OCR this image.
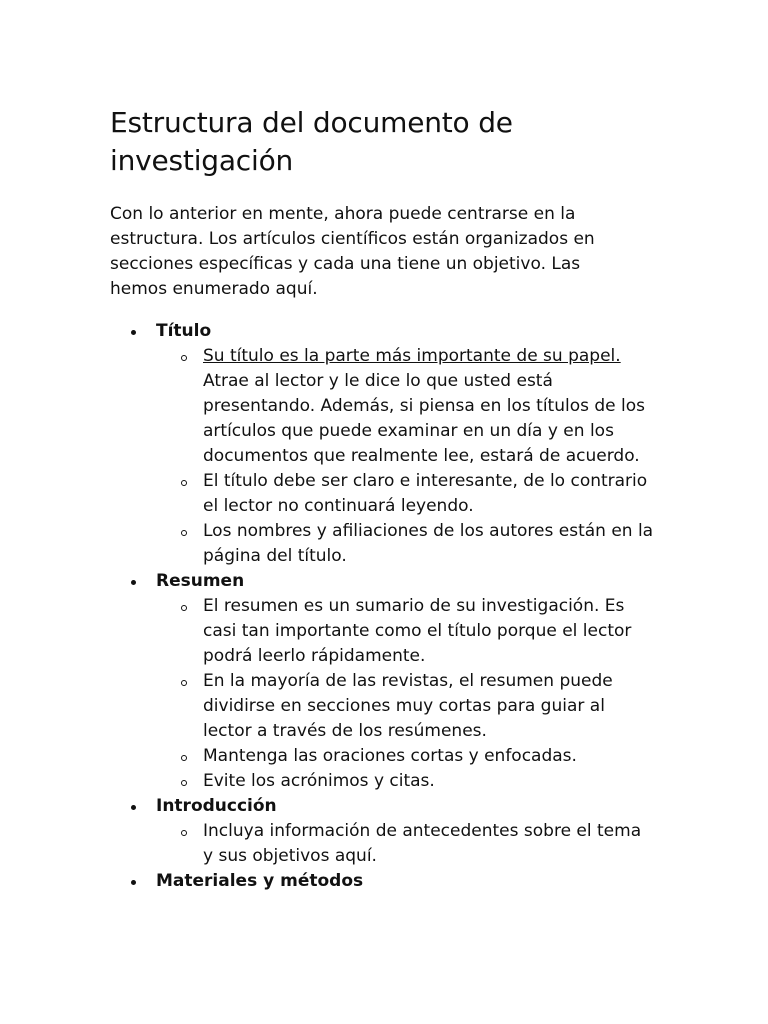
Estructura del documento de investigación

Con lo anterior en mente, ahora puede centrarse en la estructura. Los artículos científicos están organizados en secciones específicas y cada una tiene un objetivo. Las hemos enumerado aquí.

Título
Su título es la parte más importante de su papel. Atrae al lector y le dice lo que usted está presentando. Además, si piensa en los títulos de los artículos que puede examinar en un día y en los documentos que realmente lee, estará de acuerdo.
El título debe ser claro e interesante, de lo contrario el lector no continuará leyendo.
Los nombres y afiliaciones de los autores están en la página del título.
Resumen
El resumen es un sumario de su investigación. Es casi tan importante como el título porque el lector podrá leerlo rápidamente.
En la mayoría de las revistas, el resumen puede dividirse en secciones muy cortas para guiar al lector a través de los resúmenes.
Mantenga las oraciones cortas y enfocadas.
Evite los acrónimos y citas.
Introducción
Incluya información de antecedentes sobre el tema y sus objetivos aquí.
Materiales y métodos
